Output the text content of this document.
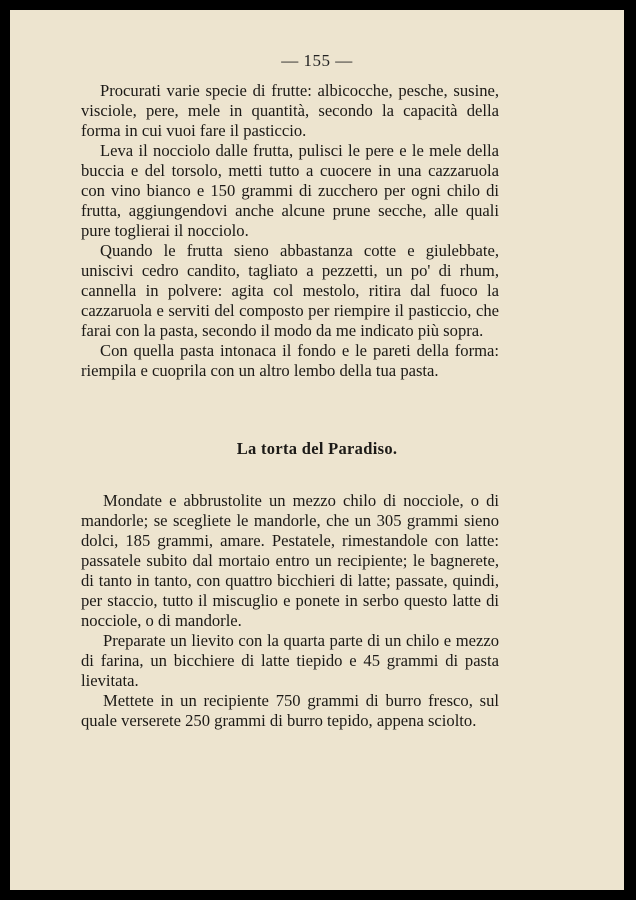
— 155 —

Procurati varie specie di frutte: albicocche, pesche, susine, visciole, pere, mele in quantità, secondo la capacità della forma in cui vuoi fare il pasticcio.

Leva il nocciolo dalle frutta, pulisci le pere e le mele della buccia e del torsolo, metti tutto a cuocere in una cazzaruola con vino bianco e 150 grammi di zucchero per ogni chilo di frutta, aggiungendovi anche alcune prune secche, alle quali pure toglierai il nocciolo.

Quando le frutta sieno abbastanza cotte e giulebbate, uniscivi cedro candito, tagliato a pezzetti, un po' di rhum, cannella in polvere: agita col mestolo, ritira dal fuoco la cazzaruola e serviti del composto per riempire il pasticcio, che farai con la pasta, secondo il modo da me indicato più sopra.

Con quella pasta intonaca il fondo e le pareti della forma: riempila e cuoprila con un altro lembo della tua pasta.

La torta del Paradiso.

Mondate e abbrustolite un mezzo chilo di nocciole, o di mandorle; se scegliete le mandorle, che un 305 grammi sieno dolci, 185 grammi, amare. Pestatele, rimestandole con latte: passatele subito dal mortaio entro un recipiente; le bagnerete, di tanto in tanto, con quattro bicchieri di latte; passate, quindi, per staccio, tutto il miscuglio e ponete in serbo questo latte di nocciole, o di mandorle.

Preparate un lievito con la quarta parte di un chilo e mezzo di farina, un bicchiere di latte tiepido e 45 grammi di pasta lievitata.

Mettete in un recipiente 750 grammi di burro fresco, sul quale verserete 250 grammi di burro tepido, appena sciolto.
